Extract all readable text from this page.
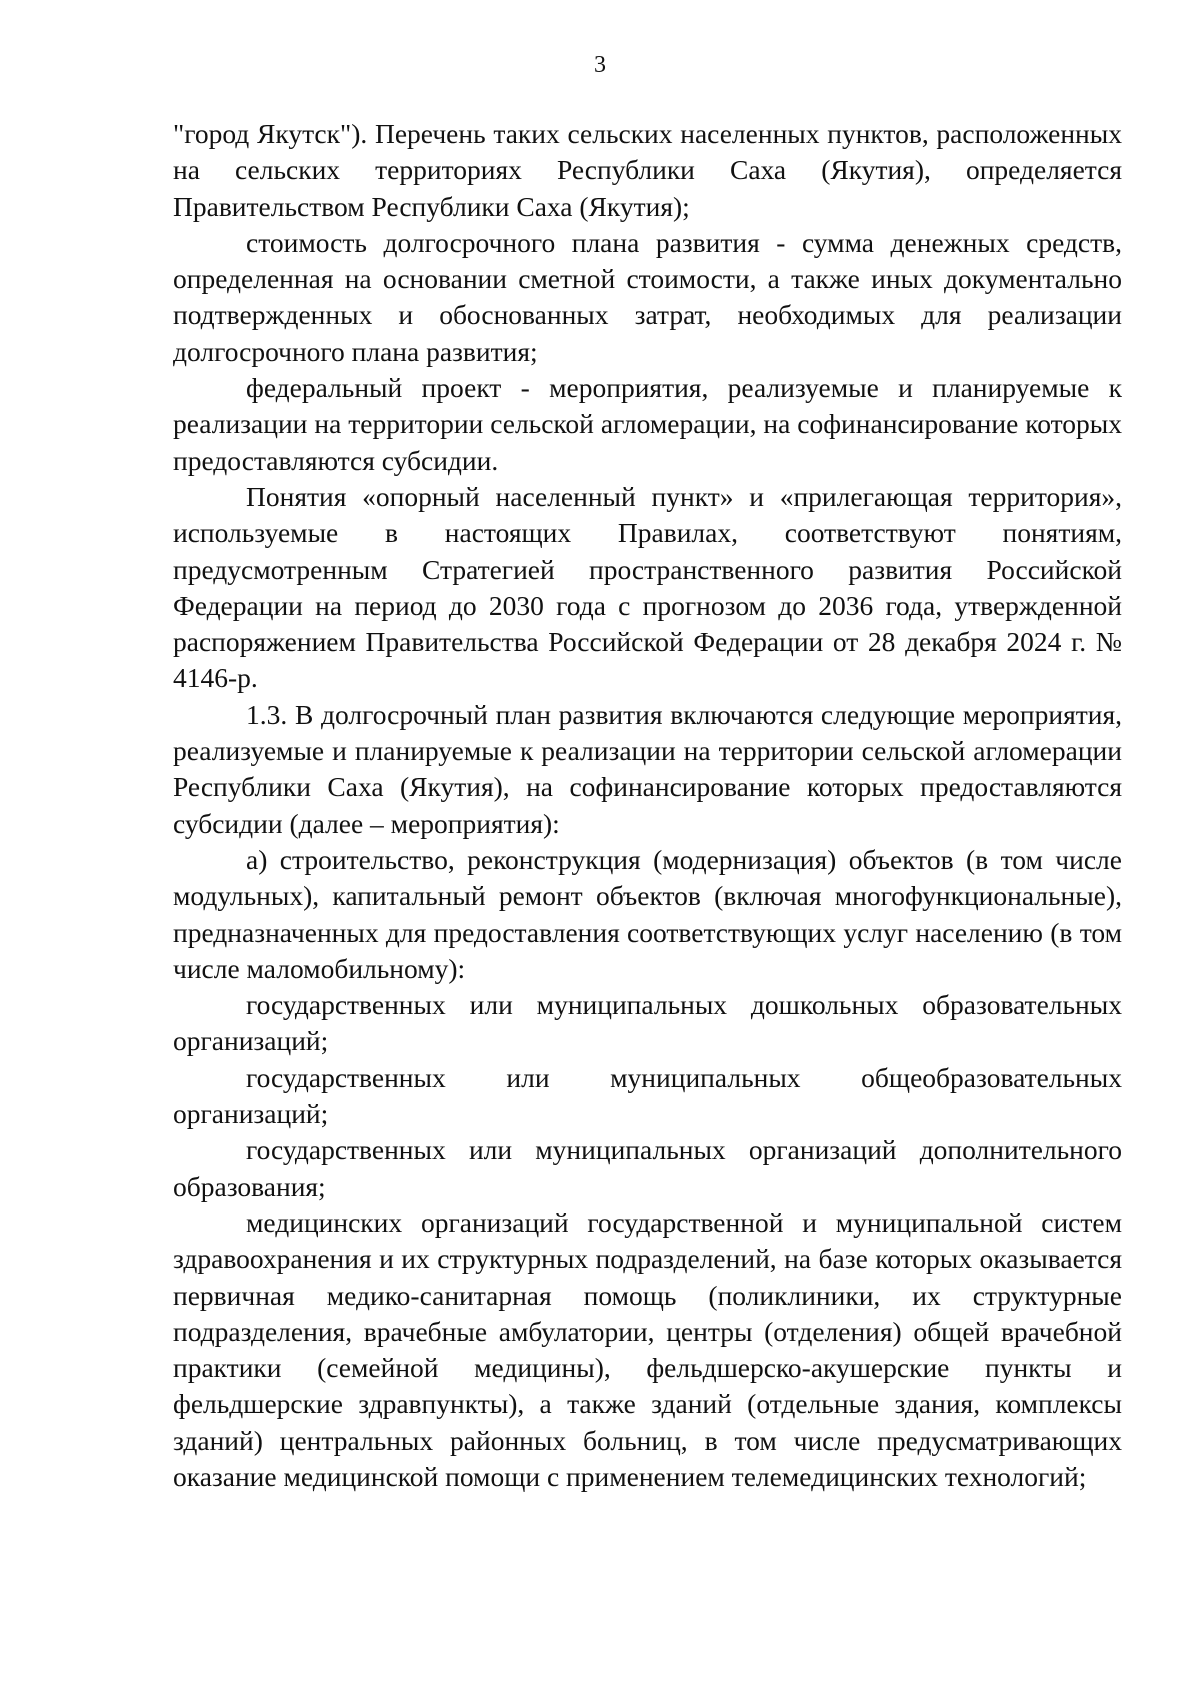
3

"город Якутск"). Перечень таких сельских населенных пунктов, расположенных на сельских территориях Республики Саха (Якутия), определяется Правительством Республики Саха (Якутия);

стоимость долгосрочного плана развития - сумма денежных средств, определенная на основании сметной стоимости, а также иных документально подтвержденных и обоснованных затрат, необходимых для реализации долгосрочного плана развития;

федеральный проект - мероприятия, реализуемые и планируемые к реализации на территории сельской агломерации, на софинансирование которых предоставляются субсидии.

Понятия «опорный населенный пункт» и «прилегающая территория», используемые в настоящих Правилах, соответствуют понятиям, предусмотренным Стратегией пространственного развития Российской Федерации на период до 2030 года с прогнозом до 2036 года, утвержденной распоряжением Правительства Российской Федерации от 28 декабря 2024 г. № 4146-р.

1.3. В долгосрочный план развития включаются следующие мероприятия, реализуемые и планируемые к реализации на территории сельской агломерации Республики Саха (Якутия), на софинансирование которых предоставляются субсидии (далее – мероприятия):

а) строительство, реконструкция (модернизация) объектов (в том числе модульных), капитальный ремонт объектов (включая многофункциональные), предназначенных для предоставления соответствующих услуг населению (в том числе маломобильному):

государственных или муниципальных дошкольных образовательных организаций;

государственных или муниципальных общеобразовательных организаций;

государственных или муниципальных организаций дополнительного образования;

медицинских организаций государственной и муниципальной систем здравоохранения и их структурных подразделений, на базе которых оказывается первичная медико-санитарная помощь (поликлиники, их структурные подразделения, врачебные амбулатории, центры (отделения) общей врачебной практики (семейной медицины), фельдшерско-акушерские пункты и фельдшерские здравпункты), а также зданий (отдельные здания, комплексы зданий) центральных районных больниц, в том числе предусматривающих оказание медицинской помощи с применением телемедицинских технологий;
